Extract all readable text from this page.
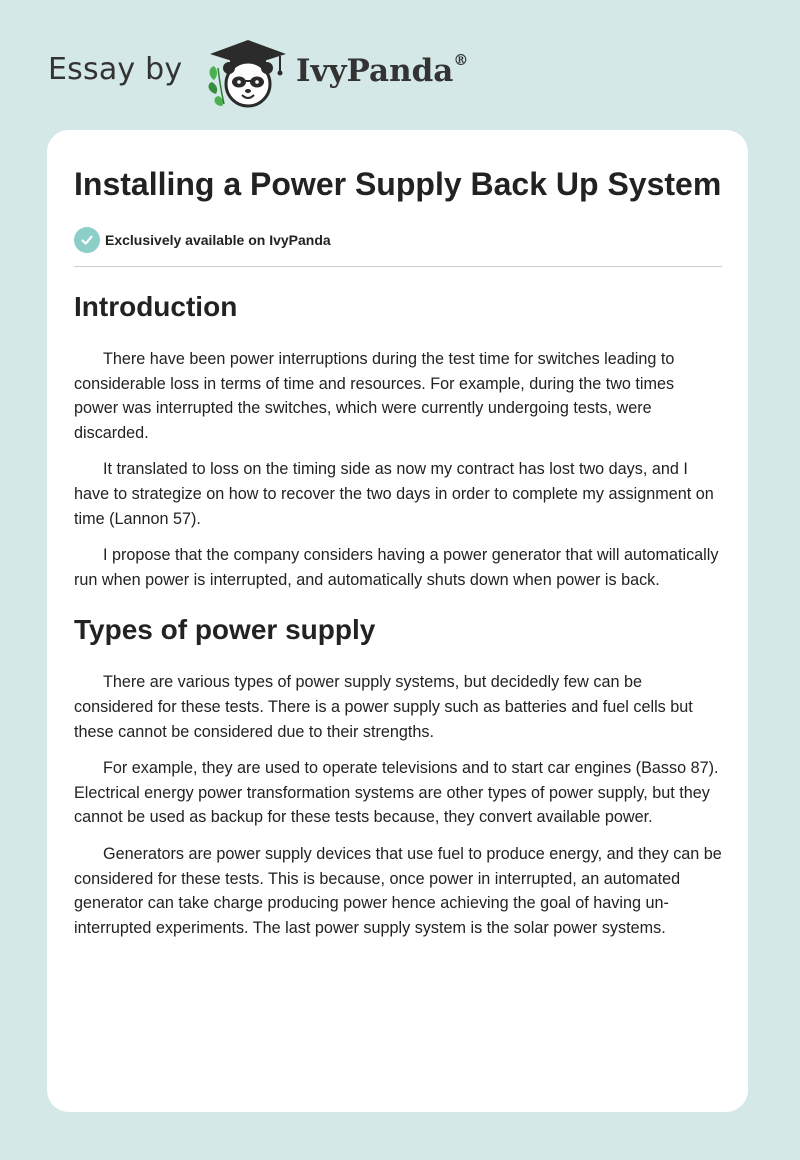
Essay by	IvyPanda®
Installing a Power Supply Back Up System
Exclusively available on IvyPanda
Introduction

There have been power interruptions during the test time for switches leading to considerable loss in terms of time and resources. For example, during the two times power was interrupted the switches, which were currently undergoing tests, were discarded.

It translated to loss on the timing side as now my contract has lost two days, and I have to strategize on how to recover the two days in order to complete my assignment on time (Lannon 57).

I propose that the company considers having a power generator that will automatically run when power is interrupted, and automatically shuts down when power is back.

Types of power supply

There are various types of power supply systems, but decidedly few can be considered for these tests. There is a power supply such as batteries and fuel cells but these cannot be considered due to their strengths.

For example, they are used to operate televisions and to start car engines (Basso 87). Electrical energy power transformation systems are other types of power supply, but they cannot be used as backup for these tests because, they convert available power.

Generators are power supply devices that use fuel to produce energy, and they can be considered for these tests. This is because, once power in interrupted, an automated generator can take charge producing power hence achieving the goal of having un-interrupted experiments. The last power supply system is the solar power systems.
